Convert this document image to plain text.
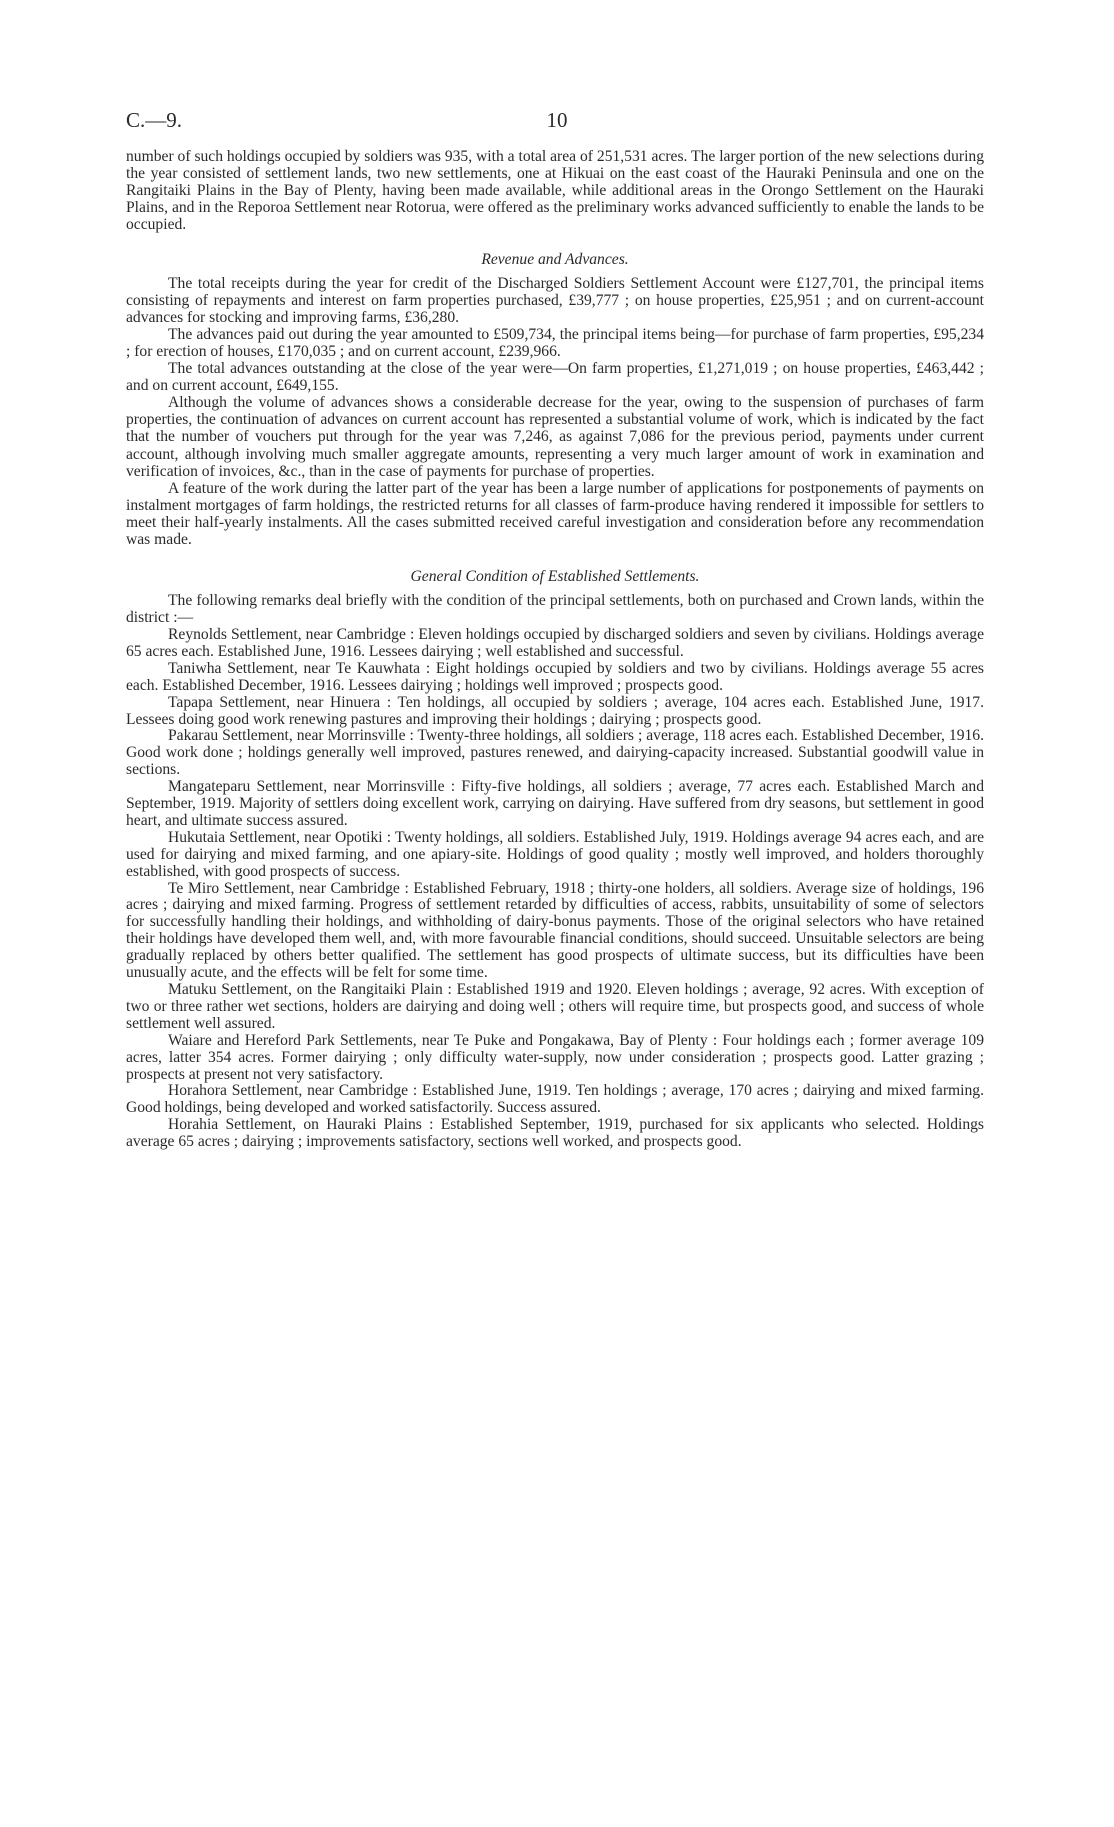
C.—9.	10

number of such holdings occupied by soldiers was 935, with a total area of 251,531 acres. The larger portion of the new selections during the year consisted of settlement lands, two new settlements, one at Hikuai on the east coast of the Hauraki Peninsula and one on the Rangitaiki Plains in the Bay of Plenty, having been made available, while additional areas in the Orongo Settlement on the Hauraki Plains, and in the Reporoa Settlement near Rotorua, were offered as the preliminary works advanced sufficiently to enable the lands to be occupied.

Revenue and Advances.

The total receipts during the year for credit of the Discharged Soldiers Settlement Account were £127,701, the principal items consisting of repayments and interest on farm properties purchased, £39,777 ; on house properties, £25,951 ; and on current-account advances for stocking and improving farms, £36,280.

The advances paid out during the year amounted to £509,734, the principal items being—for purchase of farm properties, £95,234 ; for erection of houses, £170,035 ; and on current account, £239,966.

The total advances outstanding at the close of the year were—On farm properties, £1,271,019 ; on house properties, £463,442 ; and on current account, £649,155.

Although the volume of advances shows a considerable decrease for the year, owing to the suspension of purchases of farm properties, the continuation of advances on current account has represented a substantial volume of work, which is indicated by the fact that the number of vouchers put through for the year was 7,246, as against 7,086 for the previous period, payments under current account, although involving much smaller aggregate amounts, representing a very much larger amount of work in examination and verification of invoices, &c., than in the case of payments for purchase of properties.

A feature of the work during the latter part of the year has been a large number of applications for postponements of payments on instalment mortgages of farm holdings, the restricted returns for all classes of farm-produce having rendered it impossible for settlers to meet their half-yearly instalments. All the cases submitted received careful investigation and consideration before any recommendation was made.

General Condition of Established Settlements.

The following remarks deal briefly with the condition of the principal settlements, both on purchased and Crown lands, within the district :—

Reynolds Settlement, near Cambridge : Eleven holdings occupied by discharged soldiers and seven by civilians. Holdings average 65 acres each. Established June, 1916. Lessees dairying ; well established and successful.

Taniwha Settlement, near Te Kauwhata : Eight holdings occupied by soldiers and two by civilians. Holdings average 55 acres each. Established December, 1916. Lessees dairying ; holdings well improved ; prospects good.

Tapapa Settlement, near Hinuera : Ten holdings, all occupied by soldiers ; average, 104 acres each. Established June, 1917. Lessees doing good work renewing pastures and improving their holdings ; dairying ; prospects good.

Pakarau Settlement, near Morrinsville : Twenty-three holdings, all soldiers ; average, 118 acres each. Established December, 1916. Good work done ; holdings generally well improved, pastures renewed, and dairying-capacity increased. Substantial goodwill value in sections.

Mangateparu Settlement, near Morrinsville : Fifty-five holdings, all soldiers ; average, 77 acres each. Established March and September, 1919. Majority of settlers doing excellent work, carrying on dairying. Have suffered from dry seasons, but settlement in good heart, and ultimate success assured.

Hukutaia Settlement, near Opotiki : Twenty holdings, all soldiers. Established July, 1919. Holdings average 94 acres each, and are used for dairying and mixed farming, and one apiary-site. Holdings of good quality ; mostly well improved, and holders thoroughly established, with good prospects of success.

Te Miro Settlement, near Cambridge : Established February, 1918 ; thirty-one holders, all soldiers. Average size of holdings, 196 acres ; dairying and mixed farming. Progress of settlement retarded by difficulties of access, rabbits, unsuitability of some of selectors for successfully handling their holdings, and withholding of dairy-bonus payments. Those of the original selectors who have retained their holdings have developed them well, and, with more favourable financial conditions, should succeed. Unsuitable selectors are being gradually replaced by others better qualified. The settlement has good prospects of ultimate success, but its difficulties have been unusually acute, and the effects will be felt for some time.

Matuku Settlement, on the Rangitaiki Plain : Established 1919 and 1920. Eleven holdings ; average, 92 acres. With exception of two or three rather wet sections, holders are dairying and doing well ; others will require time, but prospects good, and success of whole settlement well assured.

Waiare and Hereford Park Settlements, near Te Puke and Pongakawa, Bay of Plenty : Four holdings each ; former average 109 acres, latter 354 acres. Former dairying ; only difficulty water-supply, now under consideration ; prospects good. Latter grazing ; prospects at present not very satisfactory.

Horahora Settlement, near Cambridge : Established June, 1919. Ten holdings ; average, 170 acres ; dairying and mixed farming. Good holdings, being developed and worked satisfactorily. Success assured.

Horahia Settlement, on Hauraki Plains : Established September, 1919, purchased for six applicants who selected. Holdings average 65 acres ; dairying ; improvements satisfactory, sections well worked, and prospects good.
